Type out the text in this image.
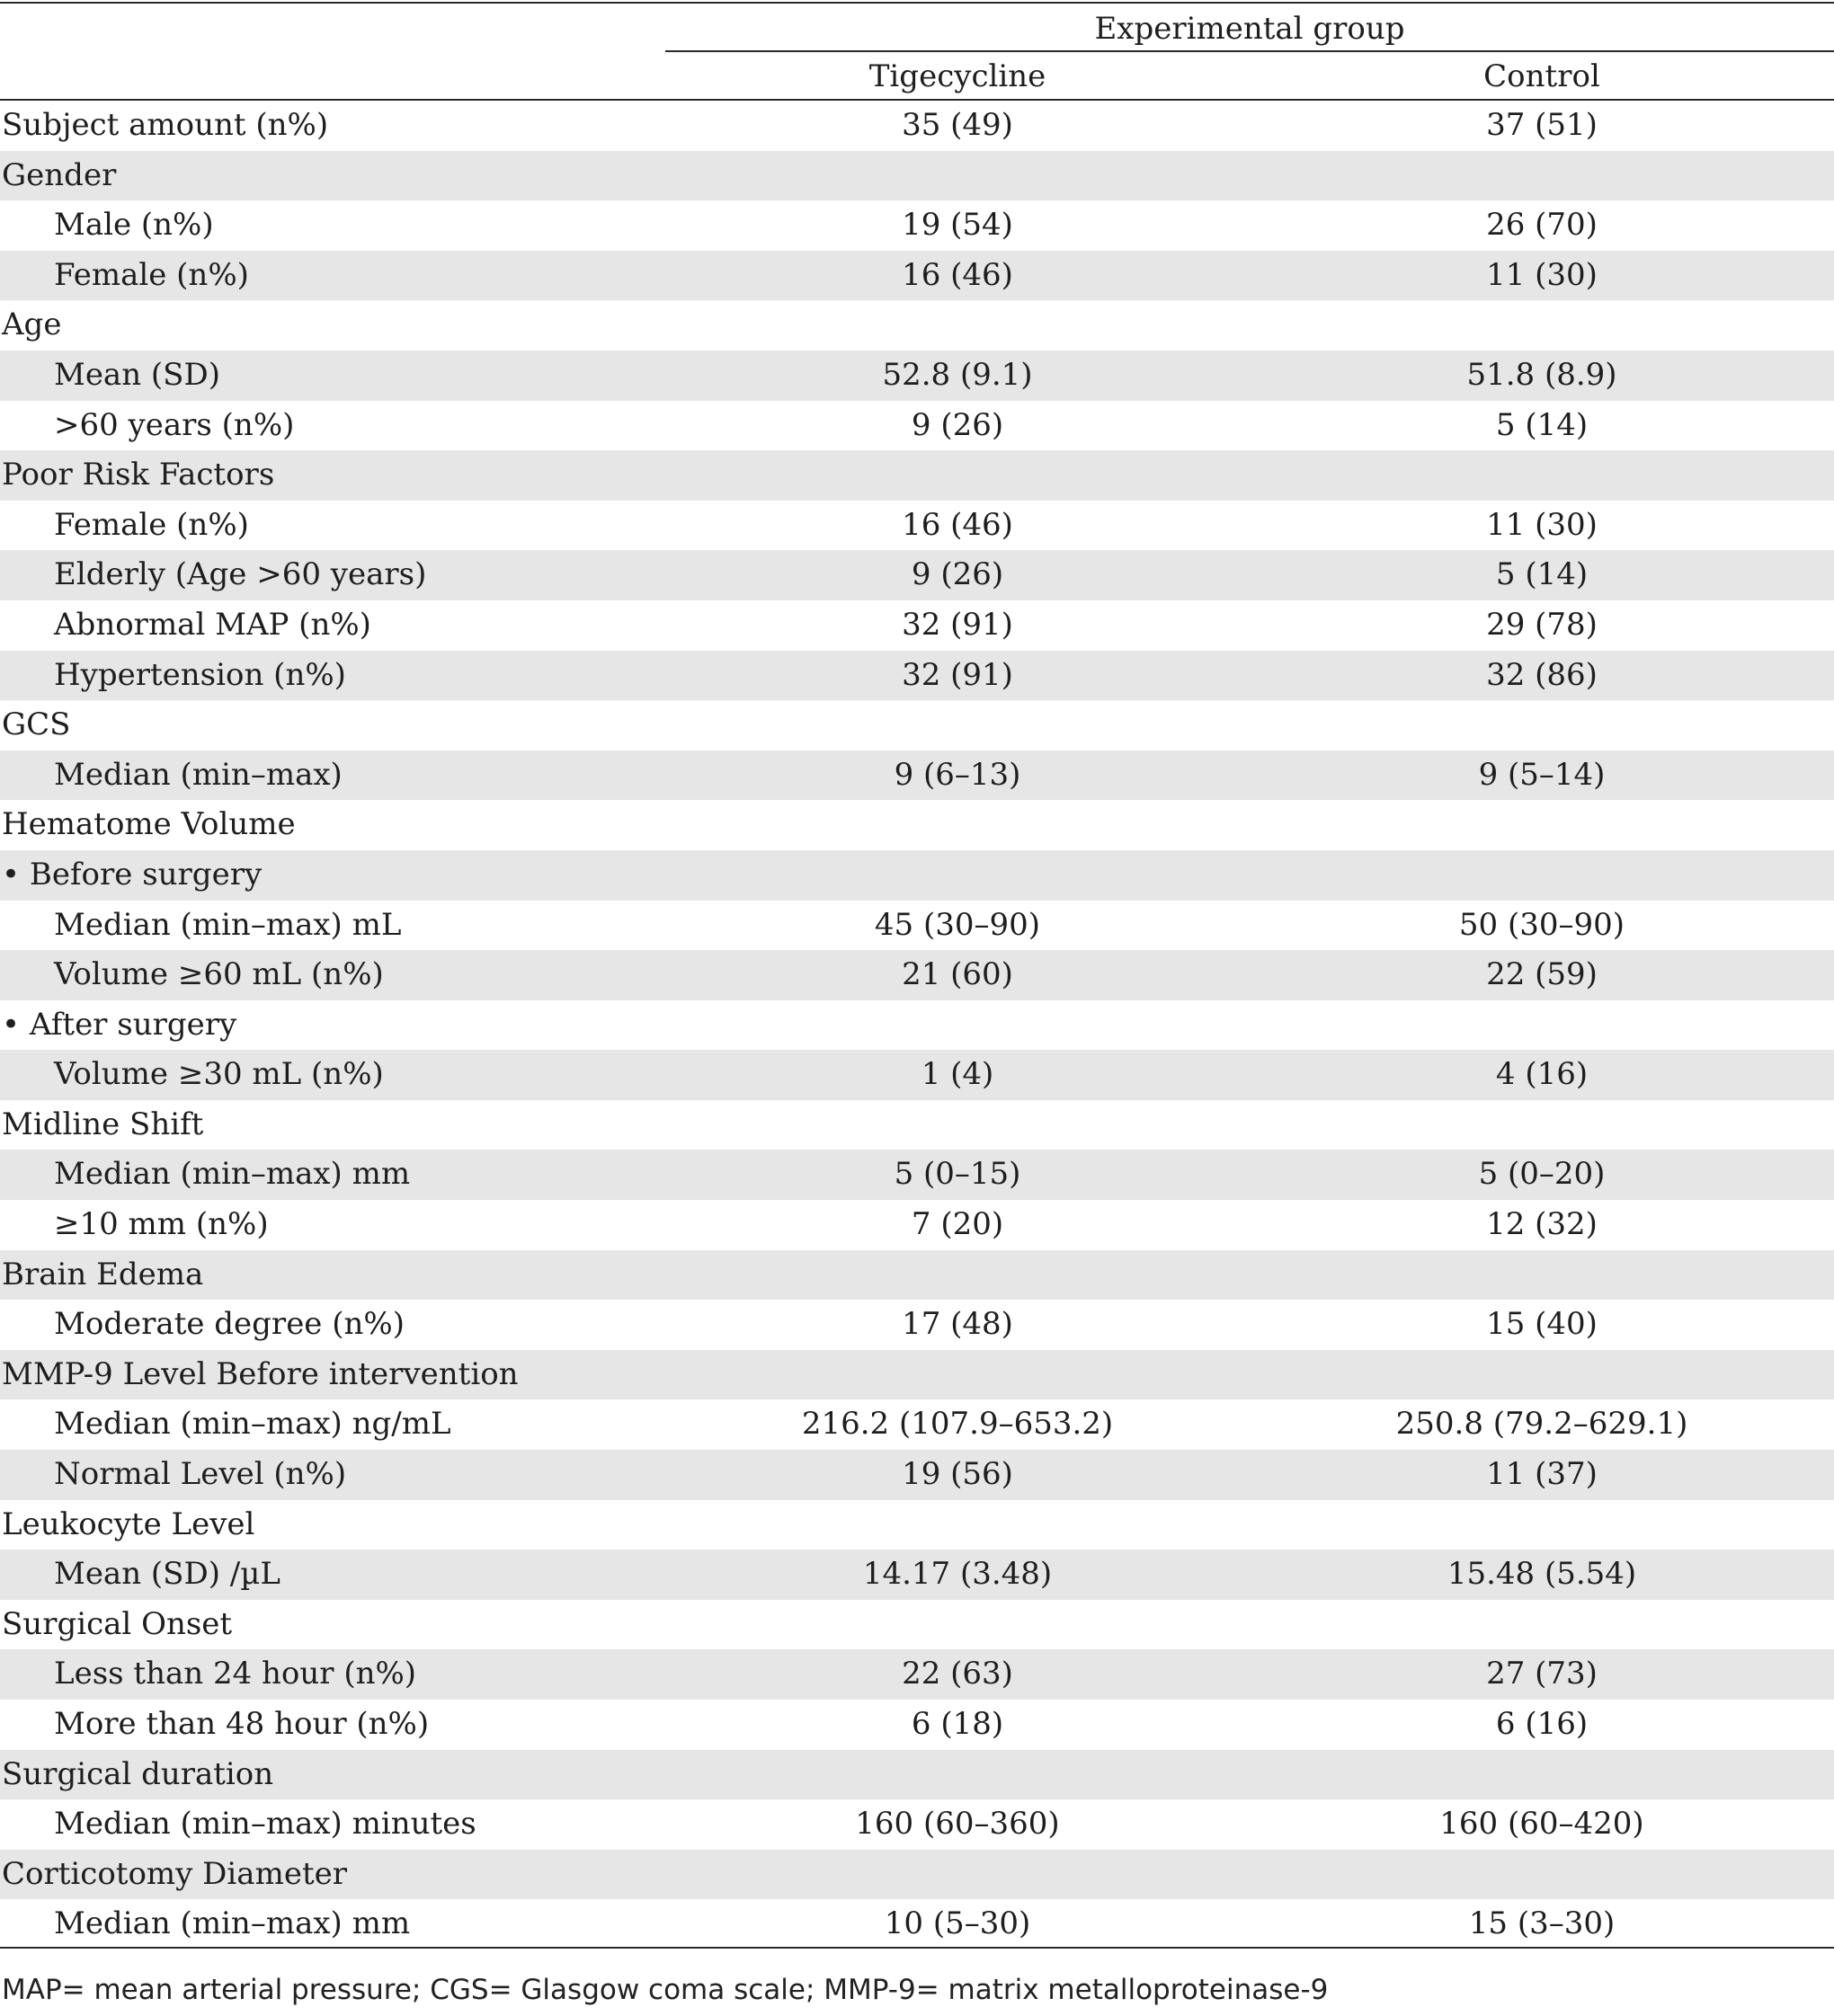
Experimental group
Tigecycline	Control
Subject amount (n%)	35 (49)	37 (51)
Gender
Male (n%)	19 (54)	26 (70)
Female (n%)	16 (46)	11 (30)
Age
Mean (SD)	52.8 (9.1)	51.8 (8.9)
>60 years (n%)	9 (26)	5 (14)
Poor Risk Factors
Female (n%)	16 (46)	11 (30)
Elderly (Age >60 years)	9 (26)	5 (14)
Abnormal MAP (n%)	32 (91)	29 (78)
Hypertension (n%)	32 (91)	32 (86)
GCS
Median (min–max)	9 (6–13)	9 (5–14)
Hematome Volume
• Before surgery
Median (min–max) mL	45 (30–90)	50 (30–90)
Volume ≥60 mL (n%)	21 (60)	22 (59)
• After surgery
Volume ≥30 mL (n%)	1 (4)	4 (16)
Midline Shift
Median (min–max) mm	5 (0–15)	5 (0–20)
≥10 mm (n%)	7 (20)	12 (32)
Brain Edema
Moderate degree (n%)	17 (48)	15 (40)
MMP-9 Level Before intervention
Median (min–max) ng/mL	216.2 (107.9–653.2)	250.8 (79.2–629.1)
Normal Level (n%)	19 (56)	11 (37)
Leukocyte Level
Mean (SD) /µL	14.17 (3.48)	15.48 (5.54)
Surgical Onset
Less than 24 hour (n%)	22 (63)	27 (73)
More than 48 hour (n%)	6 (18)	6 (16)
Surgical duration
Median (min–max) minutes	160 (60–360)	160 (60–420)
Corticotomy Diameter
Median (min–max) mm	10 (5–30)	15 (3–30)
MAP= mean arterial pressure; CGS= Glasgow coma scale; MMP-9= matrix metalloproteinase-9
